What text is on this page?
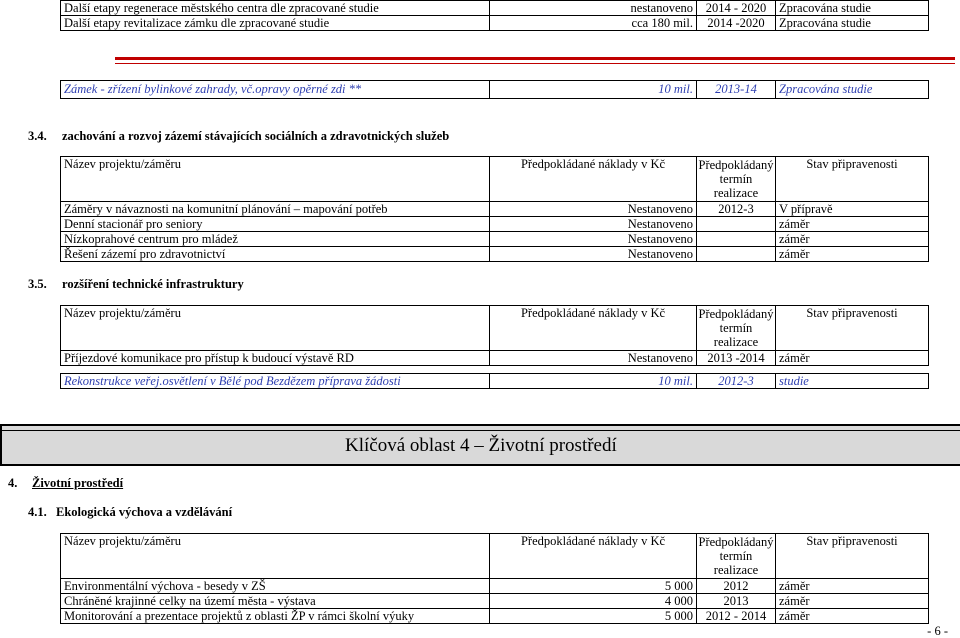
Další etapy regenerace městského centra dle zpracované studie	nestanoveno	2014 - 2020	Zpracována studie
Další etapy revitalizace zámku dle zpracované studie	cca 180 mil.	2014 -2020	Zpracována studie
Zámek - zřízení bylinkové zahrady, vč.opravy opěrné zdi **	10 mil.	2013-14	Zpracována studie
3.4. zachování a rozvoj zázemí stávajících sociálních a zdravotnických služeb
Název projektu/záměru	Předpokládané náklady v Kč	Předpokládaný termín realizace	Stav připravenosti
Záměry v návaznosti na komunitní plánování – mapování potřeb	Nestanoveno	2012-3	V přípravě
Denní stacionář pro seniory	Nestanoveno		záměr
Nízkoprahové centrum pro mládež	Nestanoveno		záměr
Řešení zázemí pro zdravotnictví	Nestanoveno		záměr
3.5. rozšíření technické infrastruktury
Název projektu/záměru	Předpokládané náklady v Kč	Předpokládaný termín realizace	Stav připravenosti
Příjezdové komunikace pro přístup k budoucí výstavě RD	Nestanoveno	2013 -2014	záměr
Rekonstrukce veřej.osvětlení v Bělé pod Bezdězem příprava žádosti	10 mil.	2012-3	studie
Klíčová oblast 4 – Životní prostředí
4. Životní prostředí
4.1. Ekologická výchova a vzdělávání
Název projektu/záměru	Předpokládané náklady v Kč	Předpokládaný termín realizace	Stav připravenosti
Environmentální výchova - besedy v ZŠ	5 000	2012	záměr
Chráněné krajinné celky na území města - výstava	4 000	2013	záměr
Monitorování a prezentace projektů z oblasti ŽP v rámci školní výuky	5 000	2012 - 2014	záměr
- 6 -
